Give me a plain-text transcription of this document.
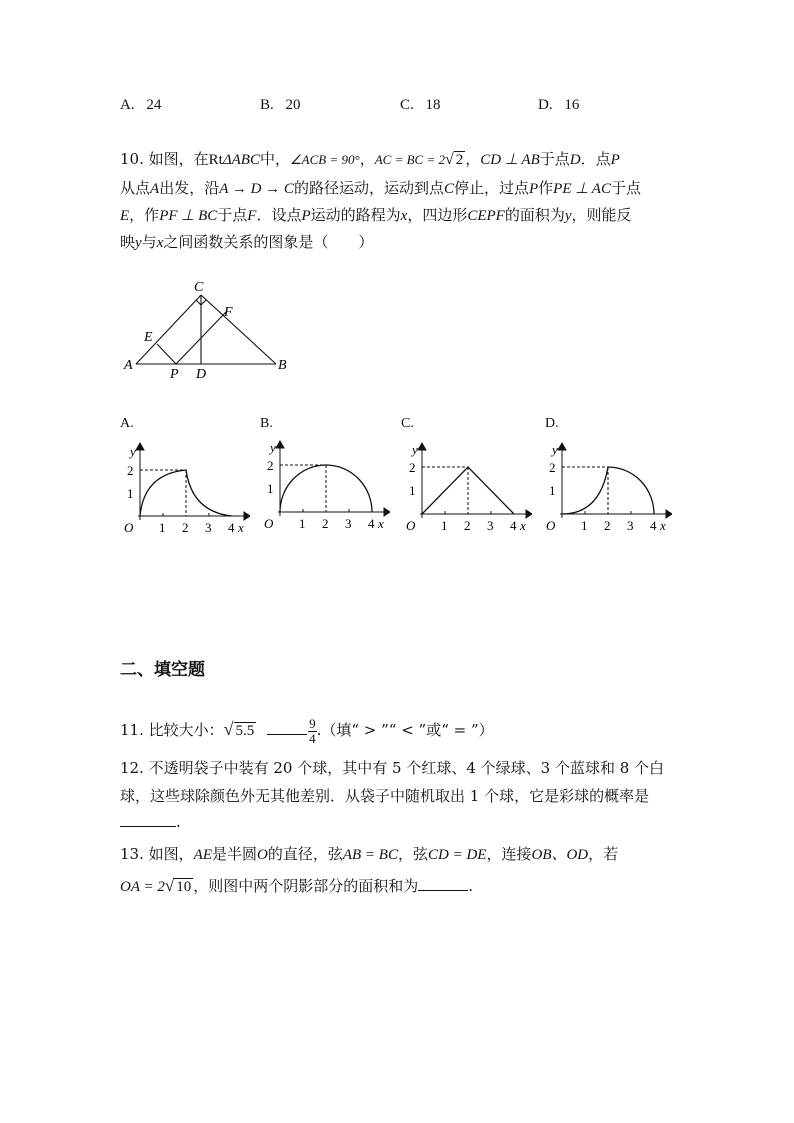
A. 24	B. 20	C. 18	D. 16
10. 如图，在RtΔABC中，∠ACB = 90°，AC = BC = 2√ 2 ，CD ⊥ AB于点D．点P
从点A出发，沿A → D → C的路径运动，运动到点C停止，过点P作PE ⊥ AC于点
E，作PF ⊥ BC于点F．设点P运动的路程为x，四边形CEPF的面积为y，则能反
映y与x之间函数关系的图象是（　　）
C
F
E
A
P D
B
A.	B.	C.	D.
y
2
1
O 1 2 3 4 x
y
2
1
O 1 2 3 4 x
y
2
1
O 1 2 3 4 x
y
2
1
O 1 2 3 4 x
二、填空题
11. 比较大小：√ 5.5	$\frac{9}{4}$ .（填“ > ”“ < ”或“ = ”）
12. 不透明袋子中装有 20 个球，其中有 5 个红球、4 个绿球、3 个蓝球和 8 个白
球，这些球除颜色外无其他差别．从袋子中随机取出 1 个球，它是彩球的概率是
.
13. 如图，AE是半圆O的直径，弦AB = BC，弦CD = DE，连接OB、OD，若
OA = 2√ 10 ，则图中两个阴影部分的面积和为	.
